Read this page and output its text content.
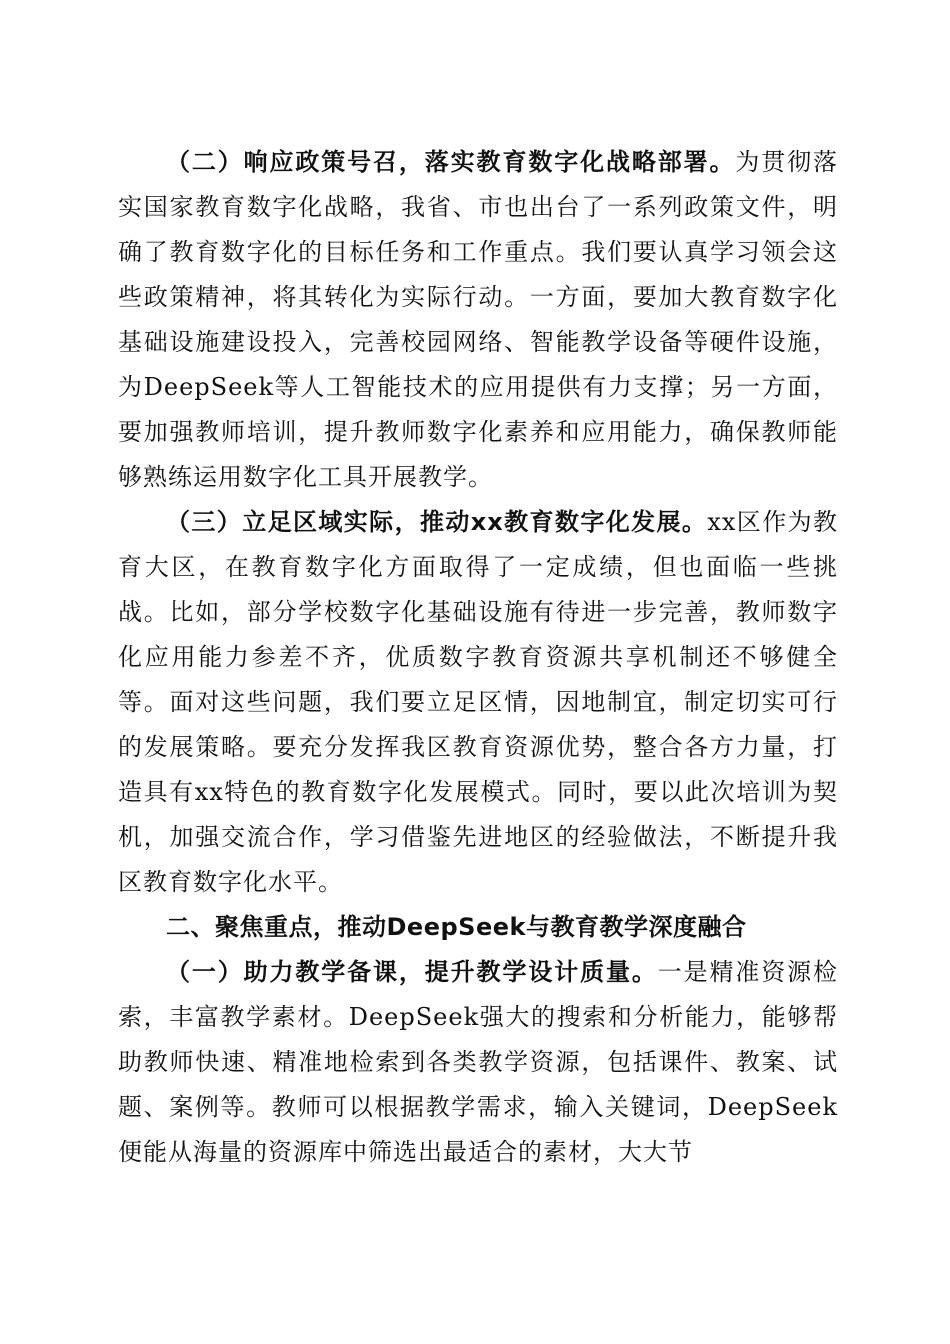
（二）响应政策号召，落实教育数字化战略部署。为贯彻落实国家教育数字化战略，我省、市也出台了一系列政策文件，明确了教育数字化的目标任务和工作重点。我们要认真学习领会这些政策精神，将其转化为实际行动。一方面，要加大教育数字化基础设施建设投入，完善校园网络、智能教学设备等硬件设施，为DeepSeek等人工智能技术的应用提供有力支撑；另一方面，要加强教师培训，提升教师数字化素养和应用能力，确保教师能够熟练运用数字化工具开展教学。

（三）立足区域实际，推动xx教育数字化发展。xx区作为教育大区，在教育数字化方面取得了一定成绩，但也面临一些挑战。比如，部分学校数字化基础设施有待进一步完善，教师数字化应用能力参差不齐，优质数字教育资源共享机制还不够健全等。面对这些问题，我们要立足区情，因地制宜，制定切实可行的发展策略。要充分发挥我区教育资源优势，整合各方力量，打造具有xx特色的教育数字化发展模式。同时，要以此次培训为契机，加强交流合作，学习借鉴先进地区的经验做法，不断提升我区教育数字化水平。

二、聚焦重点，推动DeepSeek与教育教学深度融合

（一）助力教学备课，提升教学设计质量。一是精准资源检索，丰富教学素材。DeepSeek强大的搜索和分析能力，能够帮助教师快速、精准地检索到各类教学资源，包括课件、教案、试题、案例等。教师可以根据教学需求，输入关键词，DeepSeek便能从海量的资源库中筛选出最适合的素材，大大节
